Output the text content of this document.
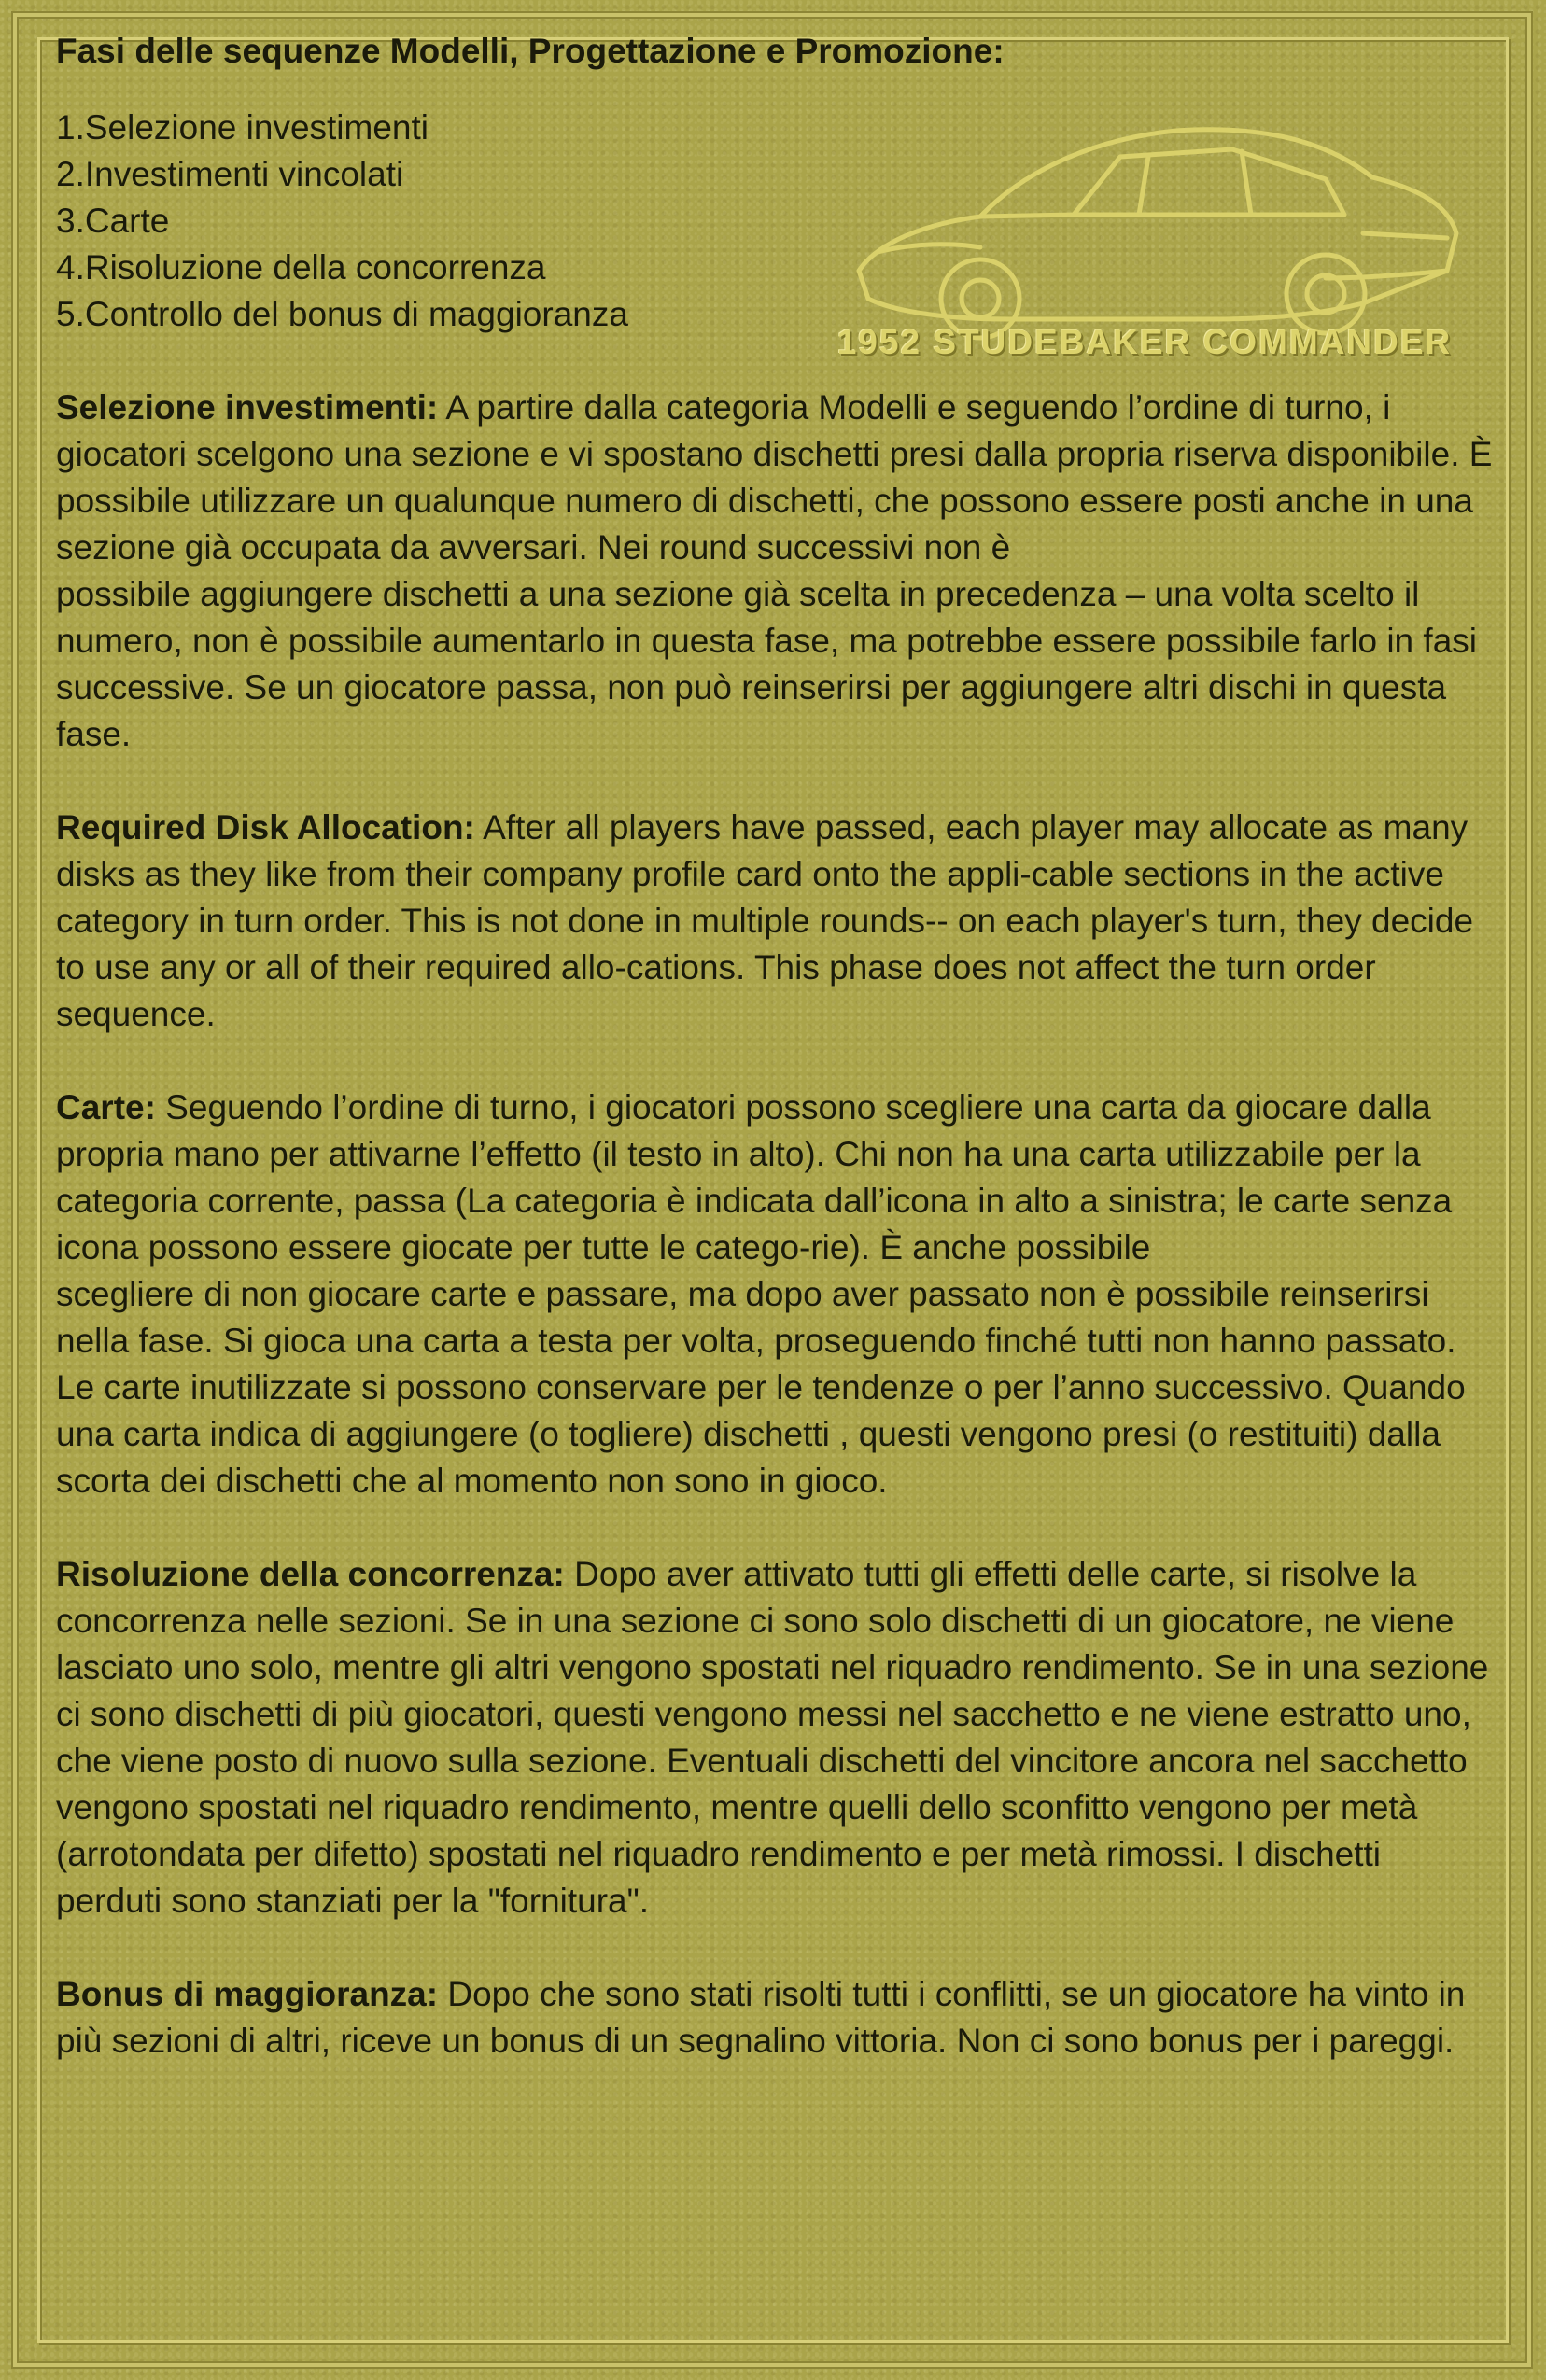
1952 STUDEBAKER COMMANDER

Fasi delle sequenze Modelli, Progettazione e Promozione:

1.Selezione investimenti
2.Investimenti vincolati
3.Carte
4.Risoluzione della concorrenza
5.Controllo del bonus di maggioranza

Selezione investimenti: A partire dalla categoria Modelli e seguendo l’ordine di turno, i giocatori scelgono una sezione e vi spostano dischetti presi dalla propria riserva disponibile. È possibile utilizzare un qualunque numero di dischetti, che possono essere posti anche in una sezione già occupata da avversari. Nei round successivi non è

possibile aggiungere dischetti a una sezione già scelta in precedenza – una volta scelto il numero, non è possibile aumentarlo in questa fase, ma potrebbe essere possibile farlo in fasi successive. Se un giocatore passa, non può reinserirsi per aggiungere altri dischi in questa fase.

Required Disk Allocation: After all players have passed, each player may allocate as many disks as they like from their company profile card onto the appli-cable sections in the active category in turn order. This is not done in multiple rounds-- on each player's turn, they decide to use any or all of their required allo-cations. This phase does not affect the turn order sequence.

Carte: Seguendo l’ordine di turno, i giocatori possono scegliere una carta da giocare dalla propria mano per attivarne l’effetto (il testo in alto). Chi non ha una carta utilizzabile per la categoria corrente, passa (La categoria è indicata dall’icona in alto a sinistra; le carte senza icona possono essere giocate per tutte le catego-rie). È anche possibile

scegliere di non giocare carte e passare, ma dopo aver passato non è possibile reinserirsi nella fase. Si gioca una carta a testa per volta, proseguendo finché tutti non hanno passato. Le carte inutilizzate si possono conservare per le tendenze o per l’anno successivo. Quando una carta indica di aggiungere (o togliere) dischetti , questi vengono presi (o restituiti) dalla scorta dei dischetti che al momento non sono in gioco.

Risoluzione della concorrenza: Dopo aver attivato tutti gli effetti delle carte, si risolve la concorrenza nelle sezioni. Se in una sezione ci sono solo dischetti di un giocatore, ne viene lasciato uno solo, mentre gli altri vengono spostati nel riquadro rendimento. Se in una sezione ci sono dischetti di più giocatori, questi vengono messi nel sacchetto e ne viene estratto uno, che viene posto di nuovo sulla sezione. Eventuali dischetti del vincitore ancora nel sacchetto vengono spostati nel riquadro rendimento, mentre quelli dello sconfitto vengono per metà (arrotondata per difetto) spostati nel riquadro rendimento e per metà rimossi. I dischetti perduti sono stanziati per la "fornitura".

Bonus di maggioranza: Dopo che sono stati risolti tutti i conflitti, se un giocatore ha vinto in più sezioni di altri, riceve un bonus di un segnalino vittoria. Non ci sono bonus per i pareggi.
